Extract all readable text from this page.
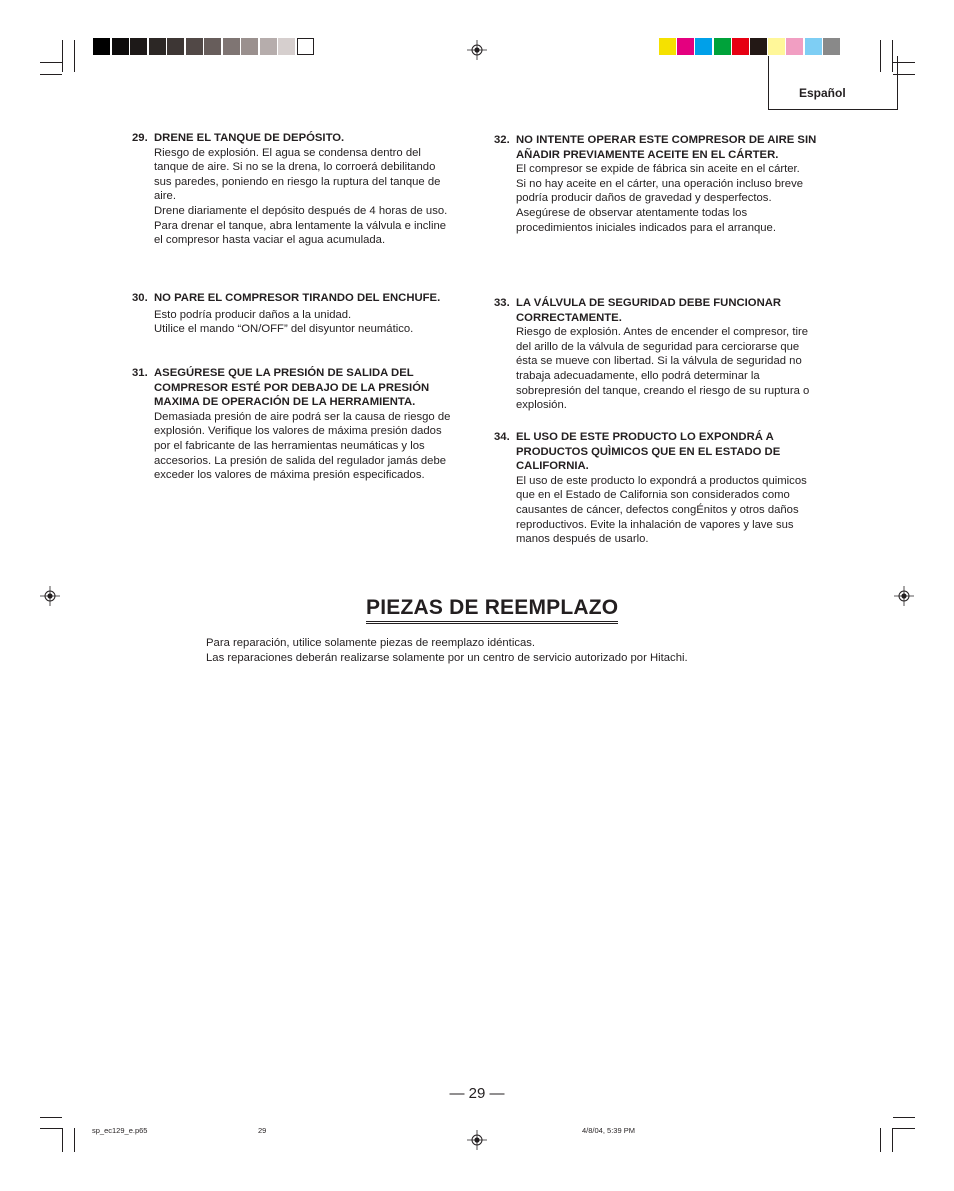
Español
29. DRENE EL TANQUE DE DEPÓSITO.
Riesgo de explosión. El agua se condensa dentro del tanque de aire. Si no se la drena, lo corroerá debilitando sus paredes, poniendo en riesgo la ruptura del tanque de aire.
Drene diariamente el depósito después de 4 horas de uso.
Para drenar el tanque, abra lentamente la válvula e incline el compresor hasta vaciar el agua acumulada.
30. NO PARE EL COMPRESOR TIRANDO DEL ENCHUFE.
Esto podría producir daños a la unidad.
Utilice el mando “ON/OFF” del disyuntor neumático.
31. ASEGÚRESE QUE LA PRESIÓN DE SALIDA DEL COMPRESOR ESTÉ POR DEBAJO DE LA PRESIÓN MAXIMA DE OPERACIÓN DE LA HERRAMIENTA.
Demasiada presión de aire podrá ser la causa de riesgo de explosión. Verifique los valores de máxima presión dados por el fabricante de las herramientas neumáticas y los accesorios. La presión de salida del regulador jamás debe exceder los valores de máxima presión especificados.
32. NO INTENTE OPERAR ESTE COMPRESOR DE AIRE SIN AÑADIR PREVIAMENTE ACEITE EN EL CÁRTER.
El compresor se expide de fábrica sin aceite en el cárter.
Si no hay aceite en el cárter, una operación incluso breve podría producir daños de gravedad y desperfectos. Asegúrese de observar atentamente todas los procedimientos iniciales indicados para el arranque.
33. LA VÁLVULA DE SEGURIDAD DEBE FUNCIONAR CORRECTAMENTE.
Riesgo de explosión. Antes de encender el compresor, tire del arillo de la válvula de seguridad para cerciorarse que ésta se mueve con libertad. Si la válvula de seguridad no trabaja adecuadamente, ello podrá determinar la sobrepresión del tanque, creando el riesgo de su ruptura o explosión.
34. EL USO DE ESTE PRODUCTO LO EXPONDRÁ A PRODUCTOS QUÌMICOS QUE EN EL ESTADO DE CALIFORNIA.
El uso de este producto lo expondrá a productos quimicos que en el Estado de California son considerados como causantes de cáncer, defectos congÉnitos y otros daños reproductivos. Evite la inhalación de vapores y lave sus manos después de usarlo.
PIEZAS DE REEMPLAZO
Para reparación, utilice solamente piezas de reemplazo idénticas.
Las reparaciones deberán realizarse solamente por un centro de servicio autorizado por Hitachi.
— 29 —
sp_ec129_e.p65	29	4/8/04, 5:39 PM
